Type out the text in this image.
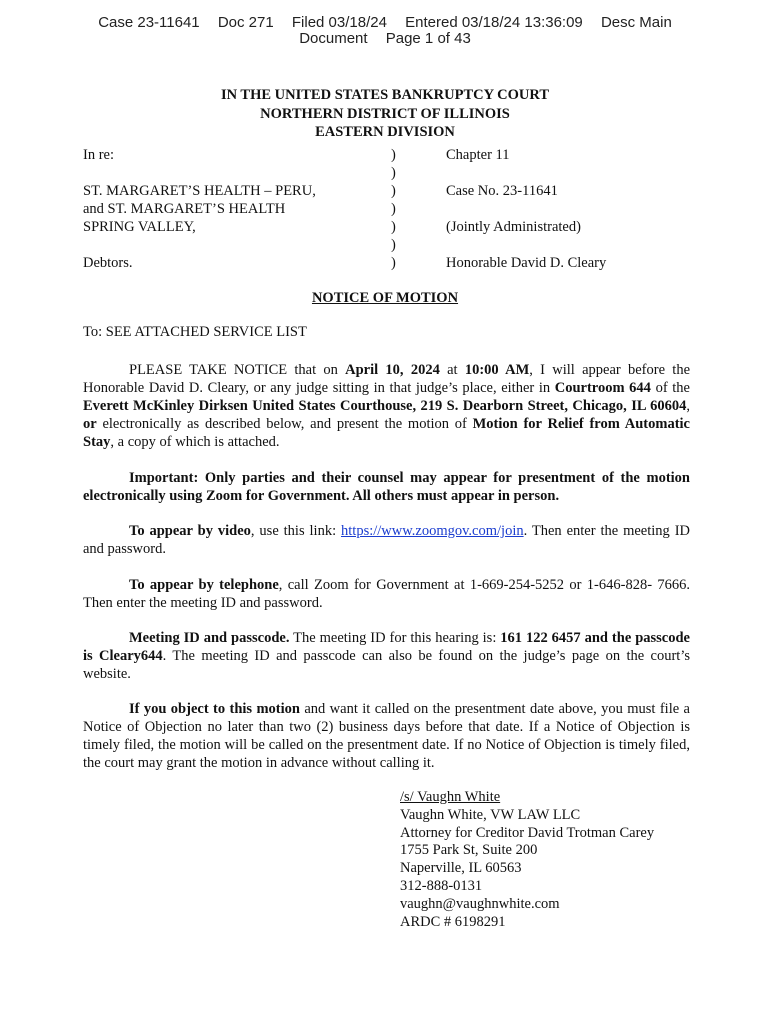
Case 23-11641 Doc 271 Filed 03/18/24 Entered 03/18/24 13:36:09 Desc Main
Document Page 1 of 43
IN THE UNITED STATES BANKRUPTCY COURT
NORTHERN DISTRICT OF ILLINOIS
EASTERN DIVISION
In re:
ST. MARGARET’S HEALTH – PERU,
and ST. MARGARET’S HEALTH
SPRING VALLEY,
Debtors.
)
)
)
)
)
)
)
Chapter 11
Case No. 23-11641
(Jointly Administrated)
Honorable David D. Cleary
NOTICE OF MOTION
To: SEE ATTACHED SERVICE LIST
PLEASE TAKE NOTICE that on April 10, 2024 at 10:00 AM, I will appear before the Honorable David D. Cleary, or any judge sitting in that judge’s place, either in Courtroom 644 of the Everett McKinley Dirksen United States Courthouse, 219 S. Dearborn Street, Chicago, IL 60604, or electronically as described below, and present the motion of Motion for Relief from Automatic Stay, a copy of which is attached.
Important: Only parties and their counsel may appear for presentment of the motion electronically using Zoom for Government. All others must appear in person.
To appear by video, use this link: https://www.zoomgov.com/join. Then enter the meeting ID and password.
To appear by telephone, call Zoom for Government at 1-669-254-5252 or 1-646-828- 7666. Then enter the meeting ID and password.
Meeting ID and passcode. The meeting ID for this hearing is: 161 122 6457 and the passcode is Cleary644. The meeting ID and passcode can also be found on the judge’s page on the court’s website.
If you object to this motion and want it called on the presentment date above, you must file a Notice of Objection no later than two (2) business days before that date. If a Notice of Objection is timely filed, the motion will be called on the presentment date. If no Notice of Objection is timely filed, the court may grant the motion in advance without calling it.
/s/ Vaughn White
Vaughn White, VW LAW LLC
Attorney for Creditor David Trotman Carey
1755 Park St, Suite 200
Naperville, IL 60563
312-888-0131
vaughn@vaughnwhite.com
ARDC # 6198291
